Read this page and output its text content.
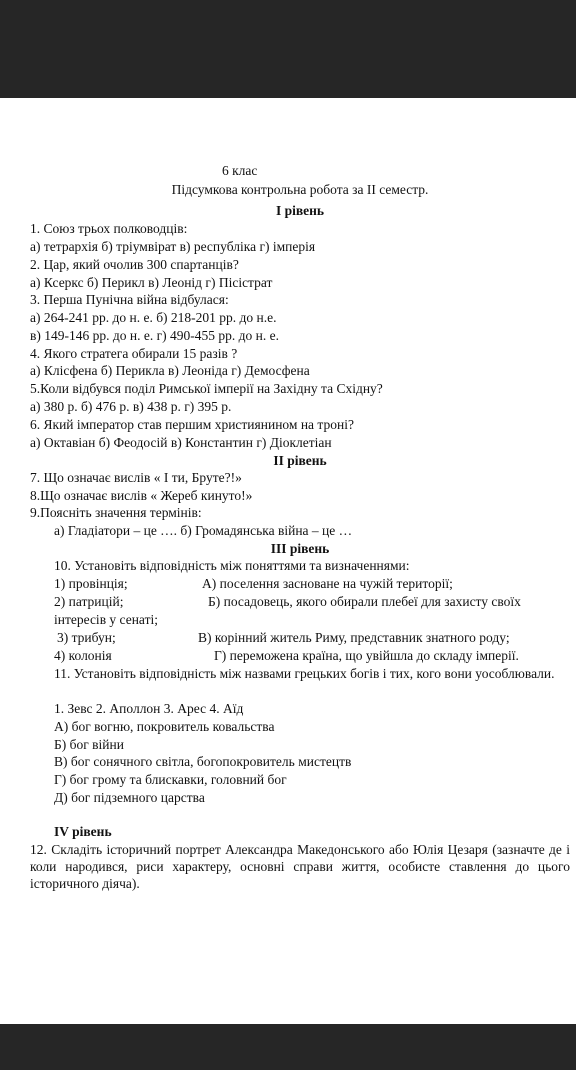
6 клас
Підсумкова контрольна робота за ІІ семестр.
І рівень
1. Союз трьох полководців:
а) тетрархія б) тріумвірат в) республіка г) імперія
2. Цар, який очолив 300 спартанців?
а) Ксеркс б) Перикл в) Леонід г) Пісістрат
3. Перша Пунічна війна відбулася:
а) 264-241 рр. до н. е. б) 218-201 рр. до н.е.
в) 149-146 рр. до н. е. г) 490-455 рр. до н. е.
4. Якого стратега обирали 15 разів ?
а) Клісфена б) Перикла в) Леоніда г) Демосфена
5.Коли відбувся поділ Римської імперії на Західну та Східну?
а) 380 р. б) 476 р. в) 438 р. г) 395 р.
6. Який імператор став першим християнином на троні?
а) Октавіан б) Феодосій в) Константин г) Діоклетіан
ІІ рівень
7. Що означає вислів « І ти, Бруте?!»
8.Що означає вислів « Жереб кинуто!»
9.Поясніть значення термінів:
а) Гладіатори – це …. б) Громадянська війна – це …
ІІІ рівень
10. Установіть відповідність між поняттями та визначеннями:
1) провінція;	А) поселення засноване на чужій території;
2) патрицій;	Б) посадовець, якого обирали плебеї для захисту своїх
інтересів у сенаті;
3) трибун;	В) корінний житель Риму, представник знатного роду;
4) колонія	Г) переможена країна, що увійшла до складу імперії.
11. Установіть відповідність між назвами грецьких богів і тих, кого вони уособлювали.
1. Зевс 2. Аполлон 3. Арес 4. Аїд
А) бог вогню, покровитель ковальства
Б) бог війни
В) бог сонячного світла, богопокровитель мистецтв
Г) бог грому та блискавки, головний бог
Д) бог підземного царства
IV рівень
12. Складіть історичний портрет Александра Македонського або Юлія Цезаря (зазначте де і коли народився, риси характеру, основні справи життя, особисте ставлення до цього історичного діяча).
